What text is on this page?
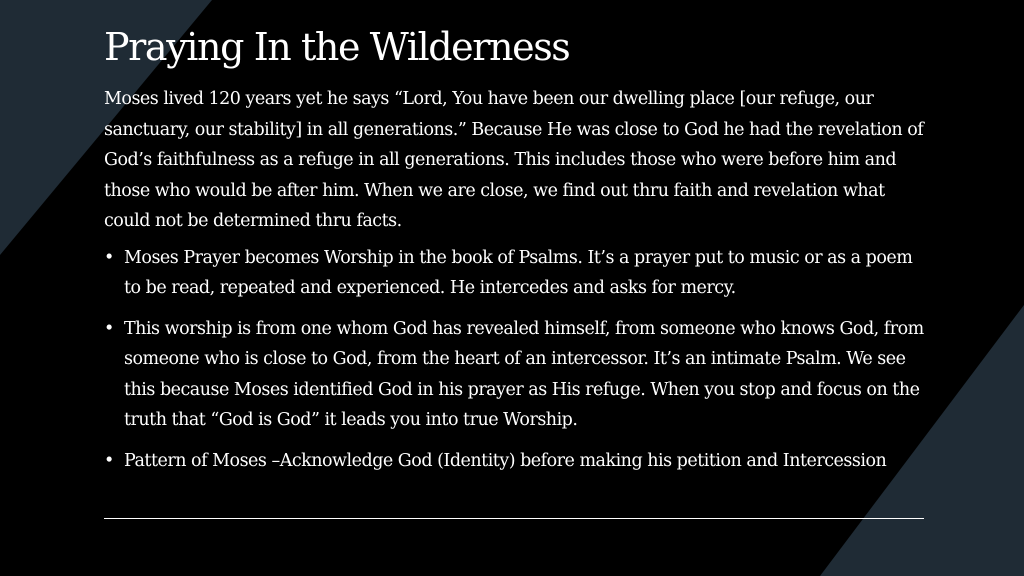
Praying In the Wilderness

Moses lived 120 years yet he says “Lord, You have been our dwelling place [our refuge, our sanctuary, our stability] in all generations.” Because He was close to God he had the revelation of God’s faithfulness as a refuge in all generations. This includes those who were before him and those who would be after him. When we are close, we find out thru faith and revelation what could not be determined thru facts.

• Moses Prayer becomes Worship in the book of Psalms. It’s a prayer put to music or as a poem to be read, repeated and experienced. He intercedes and asks for mercy.
• This worship is from one whom God has revealed himself, from someone who knows God, from someone who is close to God, from the heart of an intercessor. It’s an intimate Psalm. We see this because Moses identified God in his prayer as His refuge. When you stop and focus on the truth that “God is God” it leads you into true Worship.
• Pattern of Moses –Acknowledge God (Identity) before making his petition and Intercession
